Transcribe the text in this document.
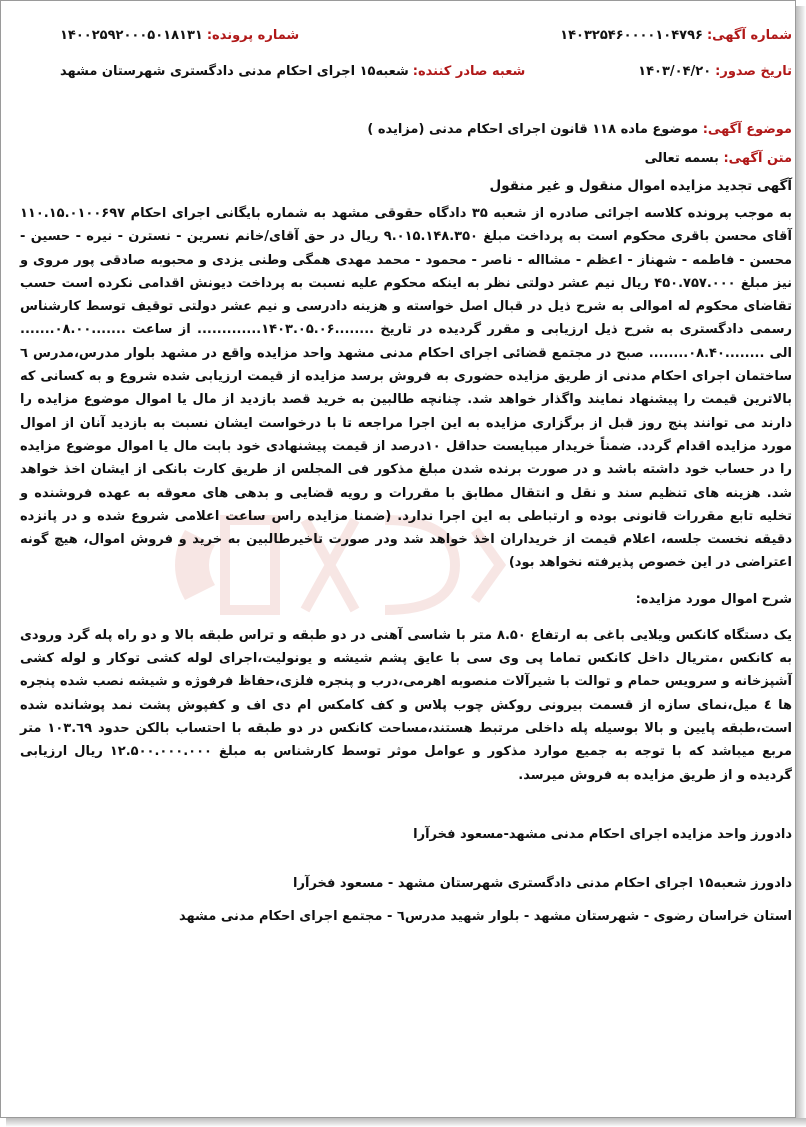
شماره آگهی:
۱۴۰۳۲۵۴۶۰۰۰۰۱۰۴۷۹۶
شماره پرونده:
۱۴۰۰۲۵۹۲۰۰۰۵۰۱۸۱۳۱
تاریخ صدور:
۱۴۰۳/۰۴/۲۰
شعبه صادر کننده:
شعبه۱۵ اجرای احکام مدنی دادگستری شهرستان مشهد

موضوع آگهی: موضوع ماده ۱۱۸ قانون اجرای احکام مدنی (مزایده )

متن آگهی: بسمه تعالی

آگهی تجدید مزایده اموال منقول و غیر منقول

به موجب پرونده کلاسه اجرائی صادره از شعبه ۳۵ دادگاه حقوقی مشهد به شماره بایگانی اجرای احکام ۱۱۰.۱۵.۰۱۰۰۶۹۷ آقای محسن باقری محکوم است به پرداخت مبلغ ۹.۰۱۵.۱۴۸.۳۵۰ ریال در حق آقای/خانم نسرین - نسترن - نیره - حسین - محسن - فاطمه - شهناز - اعظم - مشااله - ناصر - محمود - محمد مهدی همگی وطنی یزدی و محبوبه صادقی پور مروی و نیز مبلغ ۴۵۰.۷۵۷.۰۰۰ ریال نیم عشر دولتی نظر به اینکه محکوم علیه نسبت به پرداخت دیونش اقدامی نکرده است حسب تقاضای محکوم له اموالی به شرح ذیل در قبال اصل خواسته و هزینه دادرسی و نیم عشر دولتی توقیف توسط کارشناس رسمی دادگستری به شرح ذیل ارزیابی و مقرر گردیده در تاریخ ........۱۴۰۳.۰۵.۰۶............. از ساعت .......۰۸.۰۰....... الی ........۰۸.۴۰........ صبح در مجتمع قضائی اجرای احکام مدنی مشهد واحد مزایده واقع در مشهد بلوار مدرس،مدرس ٦ ساختمان اجرای احکام مدنی از طریق مزایده حضوری به فروش برسد مزایده از قیمت ارزیابی شده شروع و به کسانی که بالاترین قیمت را پیشنهاد نمایند واگذار خواهد شد. چنانچه طالبین به خرید قصد بازدید از مال یا اموال موضوع مزایده را دارند می توانند پنج روز قبل از برگزاری مزایده به این اجرا مراجعه تا با درخواست ایشان نسبت به بازدید آنان از اموال مورد مزایده اقدام گردد. ضمناً خریدار میبایست حداقل ۱۰درصد از قیمت پیشنهادی خود بابت مال یا اموال موضوع مزایده را در حساب خود داشته باشد و در صورت برنده شدن مبلغ مذکور فی المجلس از طریق کارت بانکی از ایشان اخذ خواهد شد. هزینه های تنظیم سند و نقل و انتقال مطابق با مقررات و رویه قضایی و بدهی های معوقه به عهده فروشنده و تخلیه تابع مقررات قانونی بوده و ارتباطی به این اجرا ندارد. (ضمنا مزایده راس ساعت اعلامی شروع شده و در پانزده دقیقه نخست جلسه، اعلام قیمت از خریداران اخذ خواهد شد ودر صورت تاخیرطالبین به خرید و فروش اموال، هیچ گونه اعتراضی در این خصوص پذیرفته نخواهد بود)

شرح اموال مورد مزایده:

یک دستگاه کانکس ویلایی باغی به ارتفاع ۸.۵۰ متر با شاسی آهنی در دو طبقه و تراس طبقه بالا و دو راه پله گرد ورودی به کانکس ،متریال داخل کانکس تماما پی وی سی با عایق پشم شیشه و یونولیت،اجرای لوله کشی توکار و لوله کشی آشپزخانه و سرویس حمام و توالت با شیرآلات منصوبه اهرمی،درب و پنجره فلزی،حفاظ فرفوژه و شیشه نصب شده پنجره ها ٤ میل،نمای سازه از قسمت بیرونی روکش چوب پلاس و کف کامکس ام دی اف و کفپوش پشت نمد پوشانده شده است،طبقه پایین و بالا بوسیله پله داخلی مرتبط هستند،مساحت کانکس در دو طبقه با احتساب بالکن حدود ۱۰۳.٦۹ متر مربع میباشد که با توجه به جمیع موارد مذکور و عوامل موثر توسط کارشناس به مبلغ ۱۲.۵۰۰.۰۰۰.۰۰۰ ریال ارزیابی گردیده و از طریق مزایده به فروش میرسد.

دادورز واحد مزایده اجرای احکام مدنی مشهد-مسعود فخرآرا
دادورز شعبه۱۵ اجرای احکام مدنی دادگستری شهرستان مشهد - مسعود فخرآرا
استان خراسان رضوی - شهرستان مشهد - بلوار شهید مدرس٦ - مجتمع اجرای احکام مدنی مشهد
